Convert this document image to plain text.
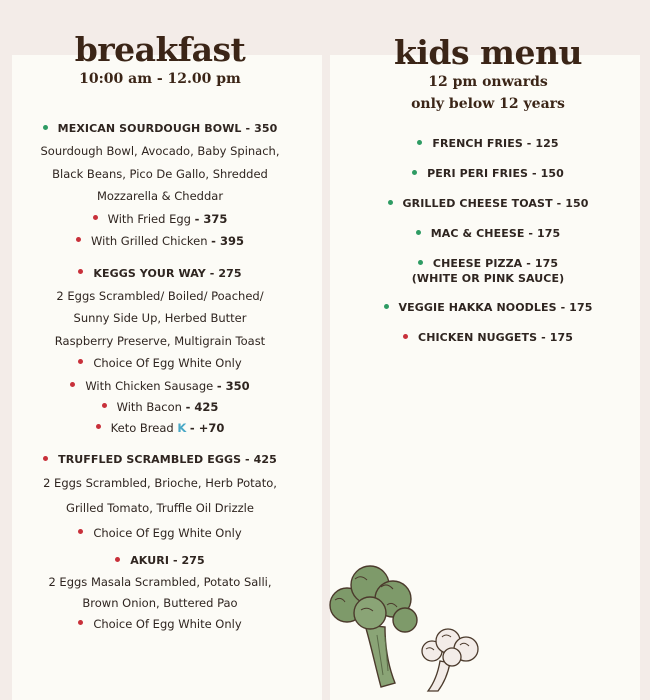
breakfast
10:00 am - 12.00 pm
kids menu
12 pm onwards
only below 12 years
MEXICAN SOURDOUGH BOWL - 350
Sourdough Bowl, Avocado, Baby Spinach,
Black Beans, Pico De Gallo, Shredded
Mozzarella & Cheddar
With Fried Egg - 375
With Grilled Chicken - 395
KEGGS YOUR WAY - 275
2 Eggs Scrambled/ Boiled/ Poached/
Sunny Side Up, Herbed Butter
Raspberry Preserve, Multigrain Toast
Choice Of Egg White Only
With Chicken Sausage - 350
With Bacon - 425
Keto Bread K - +70
TRUFFLED SCRAMBLED EGGS - 425
2 Eggs Scrambled, Brioche, Herb Potato,
Grilled Tomato, Truffle Oil Drizzle
Choice Of Egg White Only
AKURI - 275
2 Eggs Masala Scrambled, Potato Salli,
Brown Onion, Buttered Pao
Choice Of Egg White Only
FRENCH FRIES - 125
PERI PERI FRIES - 150
GRILLED CHEESE TOAST - 150
MAC & CHEESE - 175
CHEESE PIZZA - 175
(WHITE OR PINK SAUCE)
VEGGIE HAKKA NOODLES - 175
CHICKEN NUGGETS - 175
